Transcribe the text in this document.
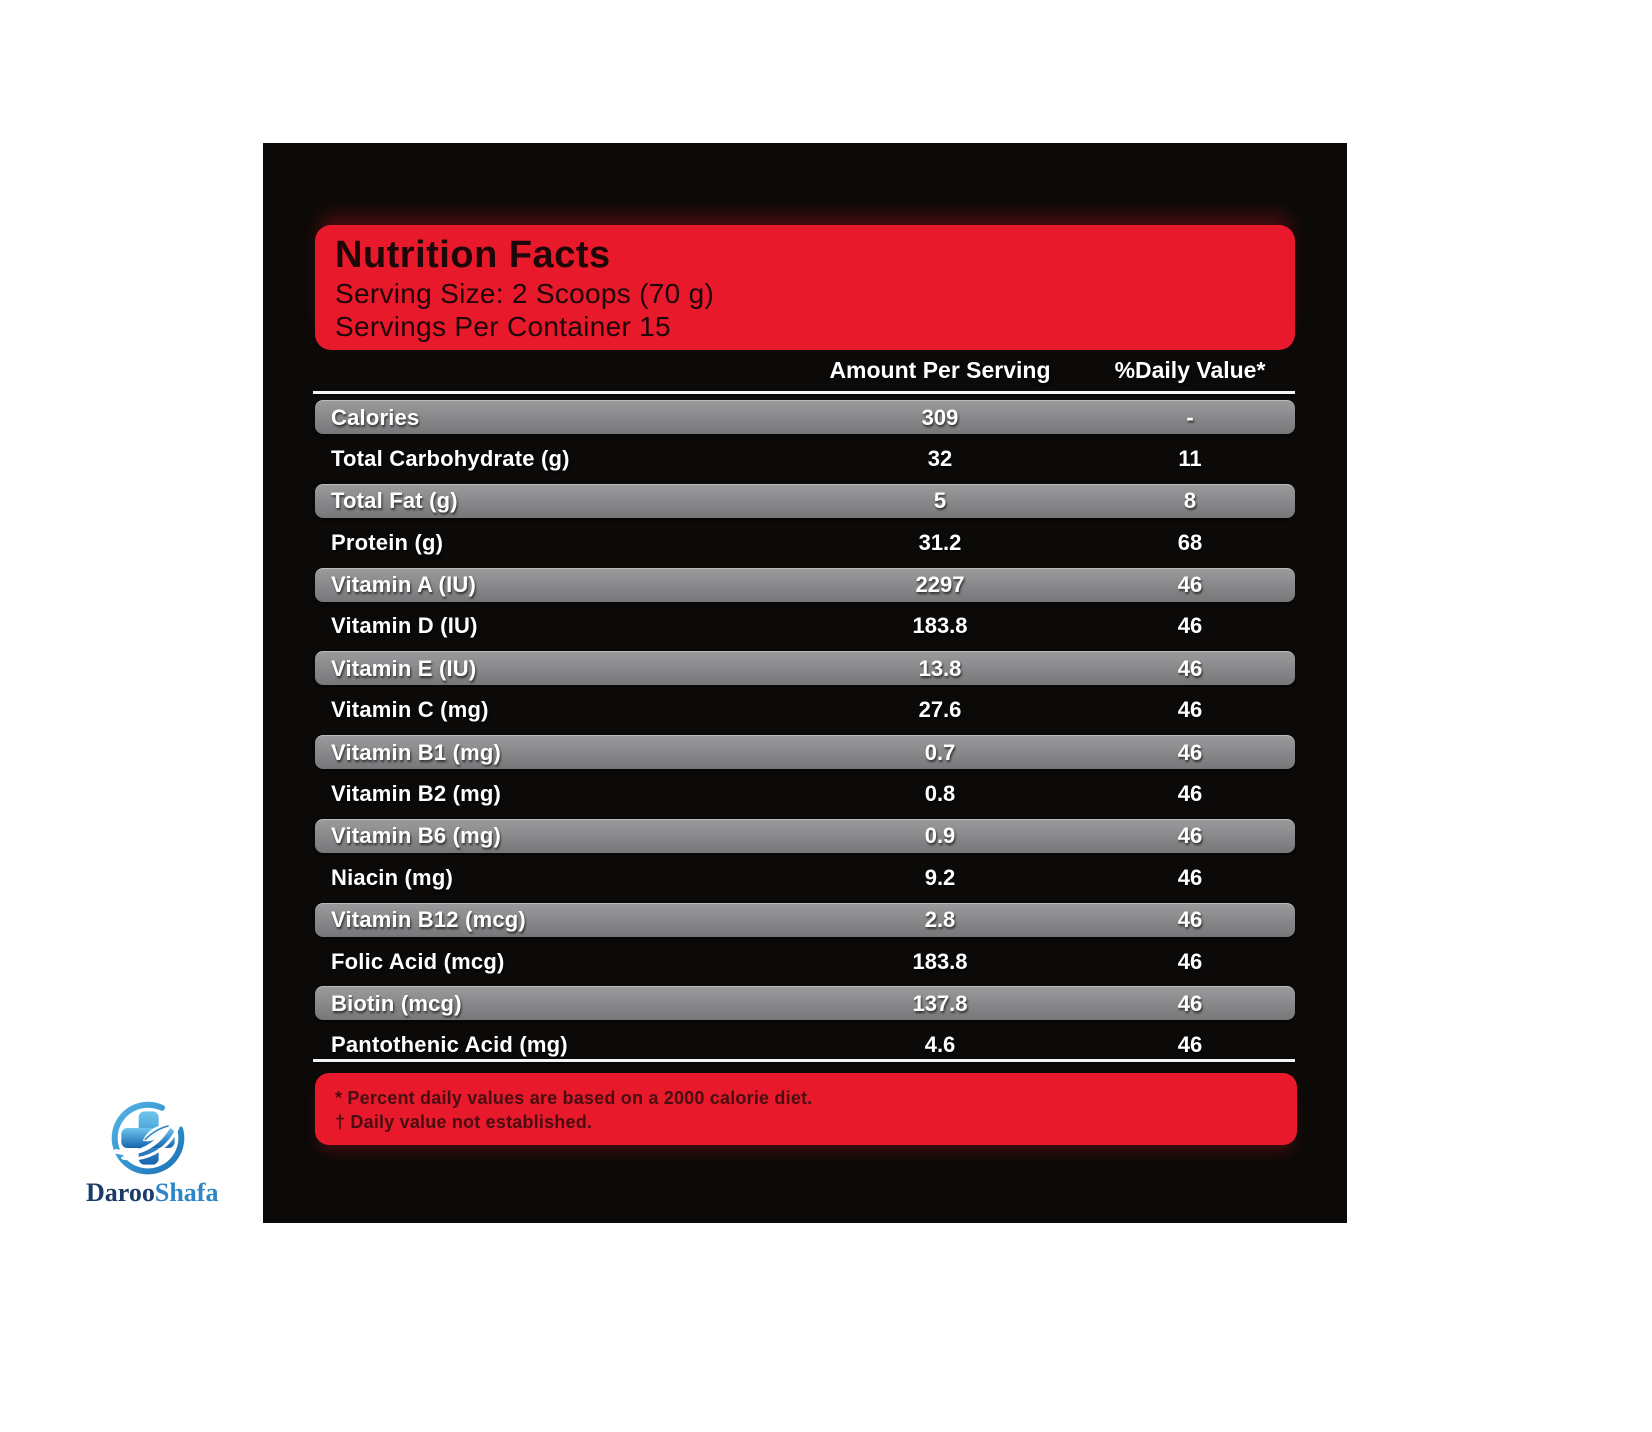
Nutrition Facts
Serving Size: 2 Scoops (70 g)
Servings Per Container 15
Amount Per Serving	%Daily Value*
Calories	309	-
Total Carbohydrate (g)	32	11
Total Fat (g)	5	8
Protein (g)	31.2	68
Vitamin A (IU)	2297	46
Vitamin D (IU)	183.8	46
Vitamin E (IU)	13.8	46
Vitamin C (mg)	27.6	46
Vitamin B1 (mg)	0.7	46
Vitamin B2 (mg)	0.8	46
Vitamin B6 (mg)	0.9	46
Niacin (mg)	9.2	46
Vitamin B12 (mcg)	2.8	46
Folic Acid (mcg)	183.8	46
Biotin (mcg)	137.8	46
Pantothenic Acid (mg)	4.6	46
* Percent daily values are based on a 2000 calorie diet.
† Daily value not established.
DarooShafa
